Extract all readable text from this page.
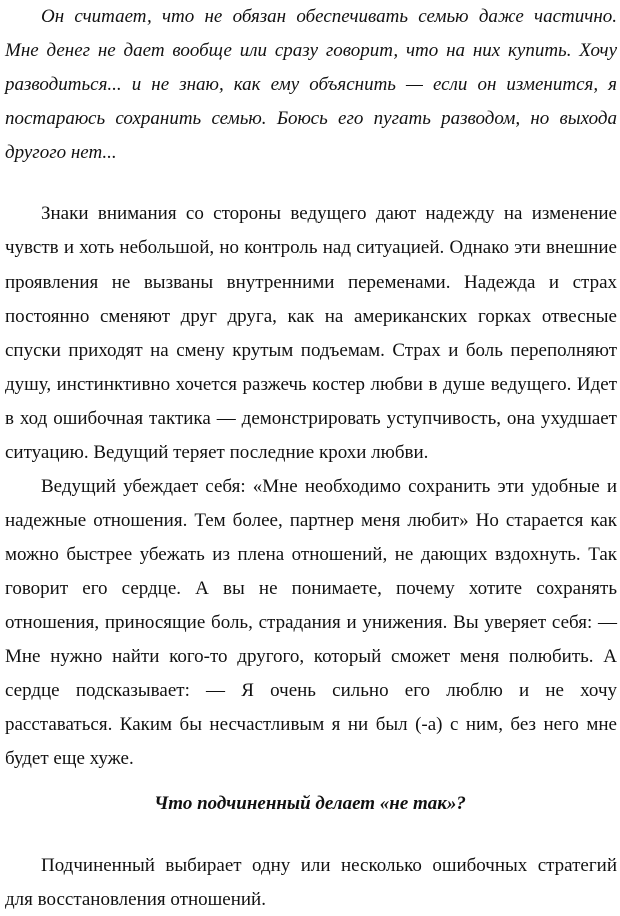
Он считает, что не обязан обеспечивать семью даже частично.
Мне денег не дает вообще или сразу говорит, что на них купить. Хочу
разводиться... и не знаю, как ему объяснить — если он изменится, я
постараюсь сохранить семью. Боюсь его пугать разводом, но выхода
другого нет...
Знаки внимания со стороны ведущего дают надежду на изменение
чувств и хоть небольшой, но контроль над ситуацией. Однако эти внешние
проявления не вызваны внутренними переменами. Надежда и страх
постоянно сменяют друг друга, как на американских горках отвесные
спуски приходят на смену крутым подъемам. Страх и боль переполняют
душу, инстинктивно хочется разжечь костер любви в душе ведущего. Идет
в ход ошибочная тактика — демонстрировать уступчивость, она ухудшает
ситуацию. Ведущий теряет последние крохи любви.
Ведущий убеждает себя: «Мне необходимо сохранить эти удобные и
надежные отношения. Тем более, партнер меня любит» Но старается как
можно быстрее убежать из плена отношений, не дающих вздохнуть. Так
говорит его сердце. А вы не понимаете, почему хотите сохранять
отношения, приносящие боль, страдания и унижения. Вы уверяет себя: —
Мне нужно найти кого-то другого, который сможет меня полюбить. А
сердце подсказывает: — Я очень сильно его люблю и не хочу
расставаться. Каким бы несчастливым я ни был (-а) с ним, без него мне
будет еще хуже.
Что подчиненный делает «не так»?
Подчиненный выбирает одну или несколько ошибочных стратегий
для восстановления отношений.
